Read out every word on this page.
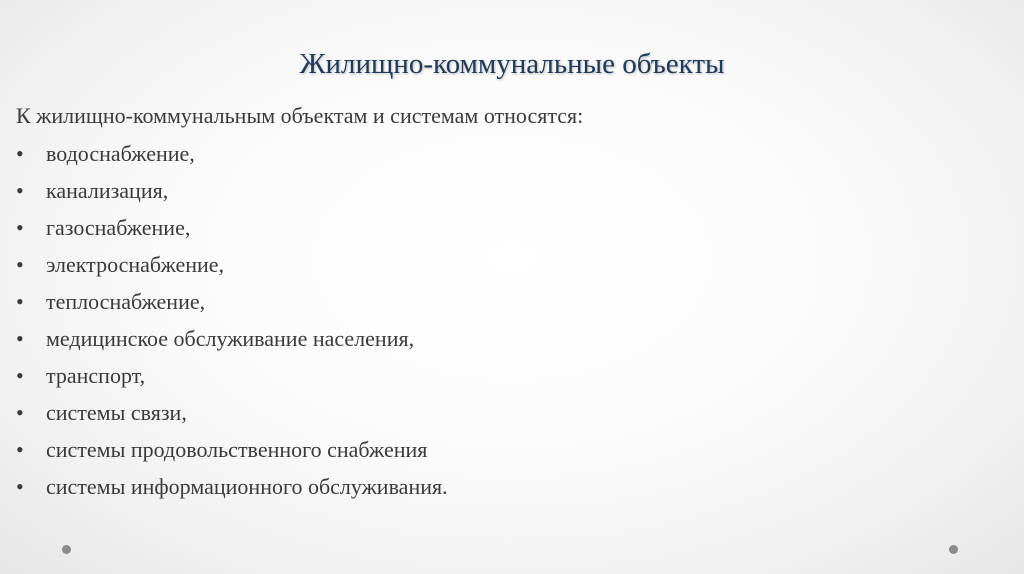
Жилищно-коммунальные объекты
К жилищно-коммунальным объектам и системам относятся:
• водоснабжение,
• канализация,
• газоснабжение,
• электроснабжение,
• теплоснабжение,
• медицинское обслуживание населения,
• транспорт,
• системы связи,
• системы продовольственного снабжения
• системы информационного обслуживания.
